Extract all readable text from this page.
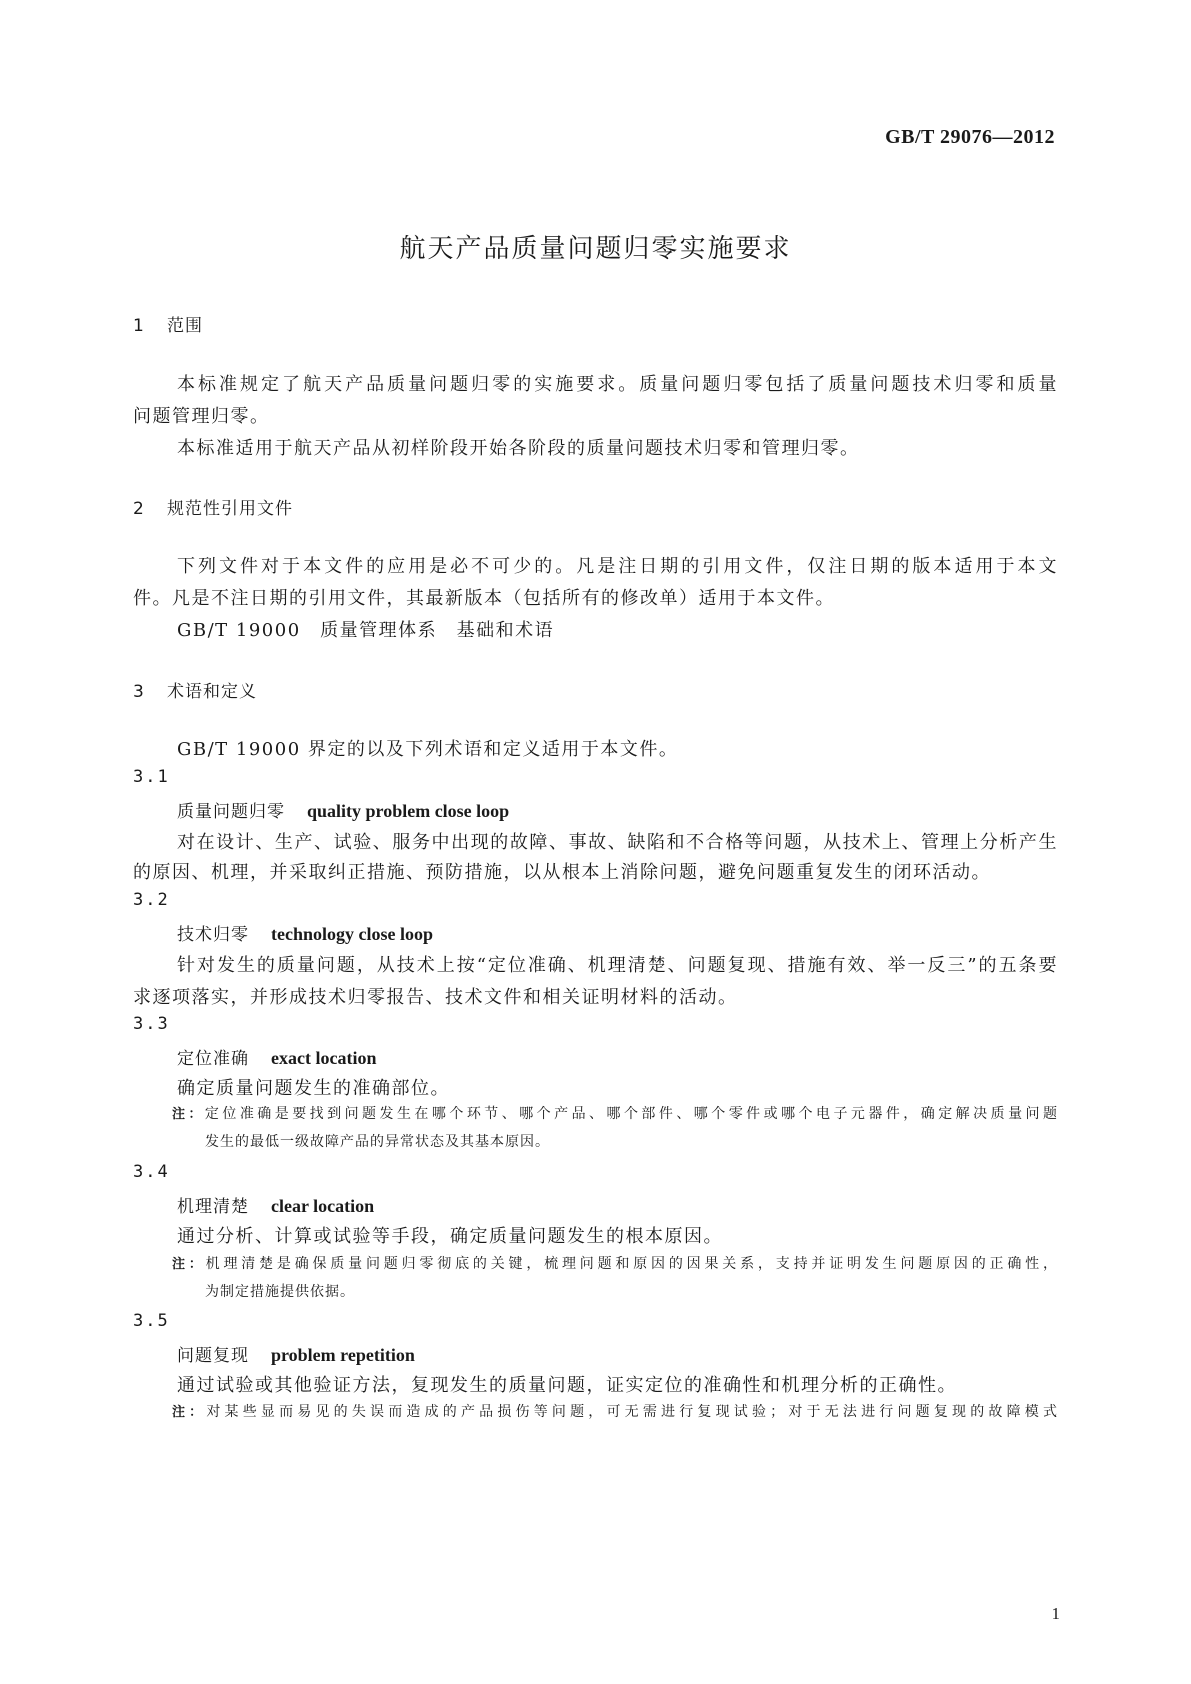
GB/T 29076—2012
航天产品质量问题归零实施要求
1 范围
本标准规定了航天产品质量问题归零的实施要求。质量问题归零包括了质量问题技术归零和质量
问题管理归零。
本标准适用于航天产品从初样阶段开始各阶段的质量问题技术归零和管理归零。
2 规范性引用文件
下列文件对于本文件的应用是必不可少的。凡是注日期的引用文件，仅注日期的版本适用于本文
件。凡是不注日期的引用文件，其最新版本（包括所有的修改单）适用于本文件。
GB/T 19000　质量管理体系　基础和术语
3 术语和定义
GB/T 19000 界定的以及下列术语和定义适用于本文件。
3.1
质量问题归零 quality problem close loop
对在设计、生产、试验、服务中出现的故障、事故、缺陷和不合格等问题，从技术上、管理上分析产生
的原因、机理，并采取纠正措施、预防措施，以从根本上消除问题，避免问题重复发生的闭环活动。
3.2
技术归零 technology close loop
针对发生的质量问题，从技术上按“定位准确、机理清楚、问题复现、措施有效、举一反三”的五条要
求逐项落实，并形成技术归零报告、技术文件和相关证明材料的活动。
3.3
定位准确 exact location
确定质量问题发生的准确部位。
注：定位准确是要找到问题发生在哪个环节、哪个产品、哪个部件、哪个零件或哪个电子元器件，确定解决质量问题
发生的最低一级故障产品的异常状态及其基本原因。
3.4
机理清楚 clear location
通过分析、计算或试验等手段，确定质量问题发生的根本原因。
注：机理清楚是确保质量问题归零彻底的关键，梳理问题和原因的因果关系，支持并证明发生问题原因的正确性，
为制定措施提供依据。
3.5
问题复现 problem repetition
通过试验或其他验证方法，复现发生的质量问题，证实定位的准确性和机理分析的正确性。
注：对某些显而易见的失误而造成的产品损伤等问题，可无需进行复现试验；对于无法进行问题复现的故障模式
1
